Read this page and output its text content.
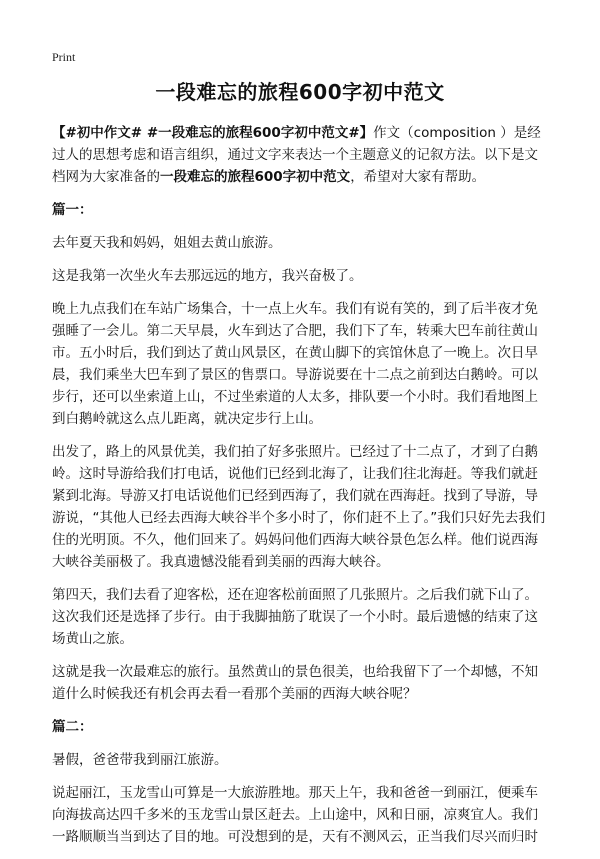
Print
一段难忘的旅程600字初中范文

【#初中作文# #一段难忘的旅程600字初中范文#】作文（composition ）是经过人的思想考虑和语言组织，通过文字来表达一个主题意义的记叙方法。以下是文档网为大家准备的一段难忘的旅程600字初中范文，希望对大家有帮助。

篇一：

去年夏天我和妈妈，姐姐去黄山旅游。

这是我第一次坐火车去那远远的地方，我兴奋极了。

晚上九点我们在车站广场集合，十一点上火车。我们有说有笑的，到了后半夜才免强睡了一会儿。第二天早晨，火车到达了合肥，我们下了车，转乘大巴车前往黄山市。五小时后，我们到达了黄山风景区，在黄山脚下的宾馆休息了一晚上。次日早晨，我们乘坐大巴车到了景区的售票口。导游说要在十二点之前到达白鹅岭。可以步行，还可以坐索道上山，不过坐索道的人太多，排队要一个小时。我们看地图上到白鹅岭就这么点儿距离，就决定步行上山。

出发了，路上的风景优美，我们拍了好多张照片。已经过了十二点了，才到了白鹅岭。这时导游给我们打电话，说他们已经到北海了，让我们往北海赶。等我们就赶紧到北海。导游又打电话说他们已经到西海了，我们就在西海赶。找到了导游，导游说，“其他人已经去西海大峡谷半个多小时了，你们赶不上了。”我们只好先去我们住的光明顶。不久，他们回来了。妈妈问他们西海大峡谷景色怎么样。他们说西海大峡谷美丽极了。我真遗憾没能看到美丽的西海大峡谷。

第四天，我们去看了迎客松，还在迎客松前面照了几张照片。之后我们就下山了。这次我们还是选择了步行。由于我脚抽筋了耽误了一个小时。最后遗憾的结束了这场黄山之旅。

这就是我一次最难忘的旅行。虽然黄山的景色很美，也给我留下了一个却憾，不知道什么时候我还有机会再去看一看那个美丽的西海大峡谷呢？

篇二：

暑假，爸爸带我到丽江旅游。

说起丽江，玉龙雪山可算是一大旅游胜地。那天上午，我和爸爸一到丽江，便乘车向海拔高达四千多米的玉龙雪山景区赶去。上山途中，风和日丽，凉爽宜人。我们一路顺顺当当到达了目的地。可没想到的是，天有不测风云，正当我们尽兴而归时
